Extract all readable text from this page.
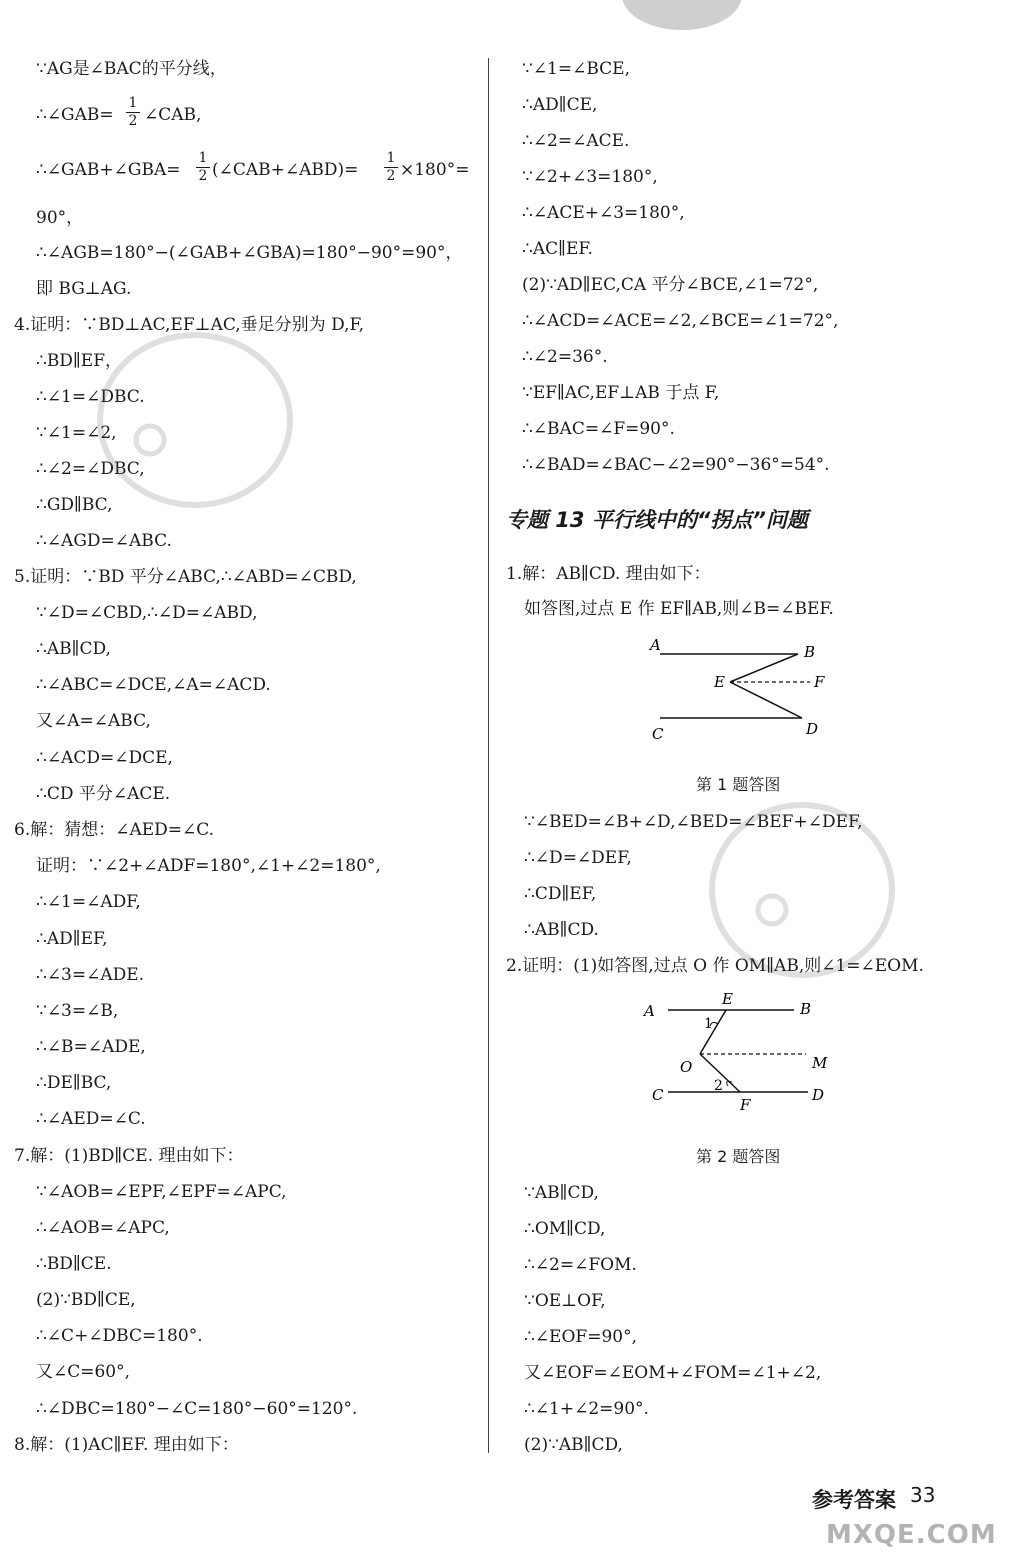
∵AG是∠BAC的平分线，
∴∠GAB=
1
2 ∠CAB,
∴∠GAB+∠GBA=
1
2 (∠CAB+∠ABD)=
1
2 ×180°=
90°，
∴∠AGB=180°−(∠GAB+∠GBA)=180°−90°=90°，
即 BG⊥AG.
4.证明：∵BD⊥AC,EF⊥AC,垂足分别为 D,F,
∴BD∥EF，
∴∠1=∠DBC.
∵∠1=∠2,
∴∠2=∠DBC,
∴GD∥BC,
∴∠AGD=∠ABC.
5.证明：∵BD 平分∠ABC,∴∠ABD=∠CBD,
∵∠D=∠CBD,∴∠D=∠ABD,
∴AB∥CD,
∴∠ABC=∠DCE,∠A=∠ACD.
又∠A=∠ABC,
∴∠ACD=∠DCE,
∴CD 平分∠ACE.
6.解：猜想：∠AED=∠C.
证明：∵∠2+∠ADF=180°,∠1+∠2=180°,
∴∠1=∠ADF,
∴AD∥EF,
∴∠3=∠ADE.
∵∠3=∠B,
∴∠B=∠ADE,
∴DE∥BC,
∴∠AED=∠C.
7.解：(1)BD∥CE. 理由如下：
∵∠AOB=∠EPF,∠EPF=∠APC,
∴∠AOB=∠APC,
∴BD∥CE.
(2)∵BD∥CE,
∴∠C+∠DBC=180°.
又∠C=60°,
∴∠DBC=180°−∠C=180°−60°=120°.
8.解：(1)AC∥EF. 理由如下：
∵∠1=∠BCE,
∴AD∥CE,
∴∠2=∠ACE.
∵∠2+∠3=180°,
∴∠ACE+∠3=180°,
∴AC∥EF.
(2)∵AD∥EC,CA 平分∠BCE,∠1=72°,
∴∠ACD=∠ACE=∠2,∠BCE=∠1=72°,
∴∠2=36°.
∵EF∥AC,EF⊥AB 于点 F,
∴∠BAC=∠F=90°.
∴∠BAD=∠BAC−∠2=90°−36°=54°.
专题 13 平行线中的“拐点”问题
1.解：AB∥CD. 理由如下：
如答图,过点 E 作 EF∥AB,则∠B=∠BEF.
A	B
E	F
C	D
第 1 题答图
∵∠BED=∠B+∠D,∠BED=∠BEF+∠DEF,
∴∠D=∠DEF,
∴CD∥EF,
∴AB∥CD.
2.证明：(1)如答图,过点 O 作 OM∥AB,则∠1=∠EOM.
A
E
B
1
O	M
2
C
F
D
第 2 题答图
∵AB∥CD,
∴OM∥CD,
∴∠2=∠FOM.
∵OE⊥OF,
∴∠EOF=90°,
又∠EOF=∠EOM+∠FOM=∠1+∠2,
∴∠1+∠2=90°.
(2)∵AB∥CD,
参考答案 33
MXQE.COM
